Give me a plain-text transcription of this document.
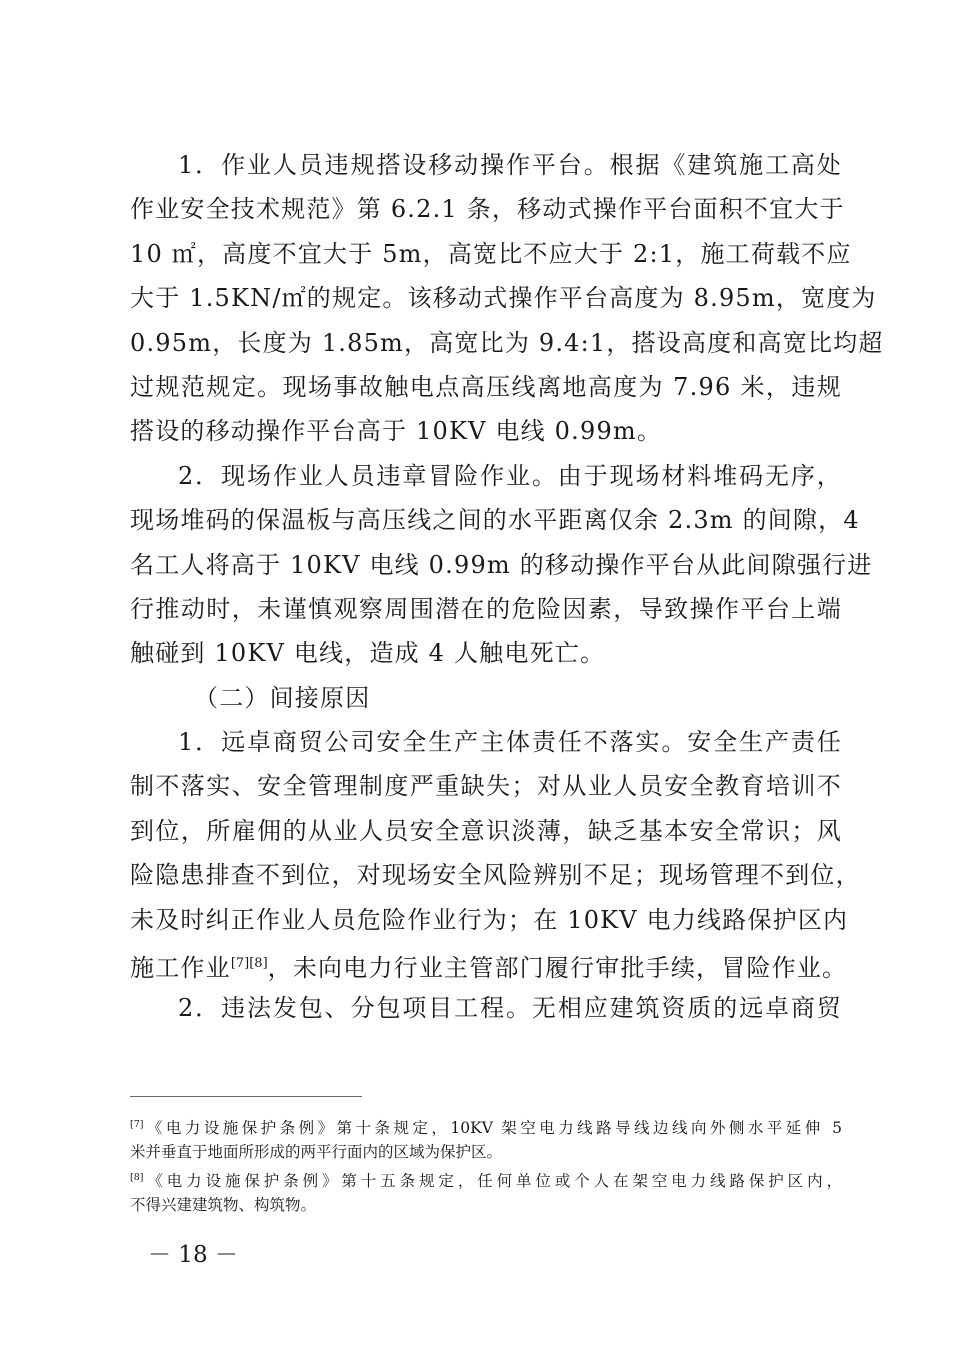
1．作业人员违规搭设移动操作平台。根据《建筑施工高处
作业安全技术规范》第 6.2.1 条，移动式操作平台面积不宜大于
10 ㎡，高度不宜大于 5m，高宽比不应大于 2:1，施工荷载不应
大于 1.5KN/㎡的规定。该移动式操作平台高度为 8.95m，宽度为
0.95m，长度为 1.85m，高宽比为 9.4:1，搭设高度和高宽比均超
过规范规定。现场事故触电点高压线离地高度为 7.96 米，违规
搭设的移动操作平台高于 10KV 电线 0.99m。
2．现场作业人员违章冒险作业。由于现场材料堆码无序，
现场堆码的保温板与高压线之间的水平距离仅余 2.3m 的间隙，4
名工人将高于 10KV 电线 0.99m 的移动操作平台从此间隙强行进
行推动时，未谨慎观察周围潜在的危险因素，导致操作平台上端
触碰到 10KV 电线，造成 4 人触电死亡。
（二）间接原因
1．远卓商贸公司安全生产主体责任不落实。安全生产责任
制不落实、安全管理制度严重缺失；对从业人员安全教育培训不
到位，所雇佣的从业人员安全意识淡薄，缺乏基本安全常识；风
险隐患排查不到位，对现场安全风险辨别不足；现场管理不到位，
未及时纠正作业人员危险作业行为；在 10KV 电力线路保护区内
施工作业[7][8]，未向电力行业主管部门履行审批手续，冒险作业。
2．违法发包、分包项目工程。无相应建筑资质的远卓商贸
[7]《电力设施保护条例》第十条规定，10KV 架空电力线路导线边线向外侧水平延伸 5
米并垂直于地面所形成的两平行面内的区域为保护区。
[8]《电力设施保护条例》第十五条规定，任何单位或个人在架空电力线路保护区内，
不得兴建建筑物、构筑物。
－ 18 －
